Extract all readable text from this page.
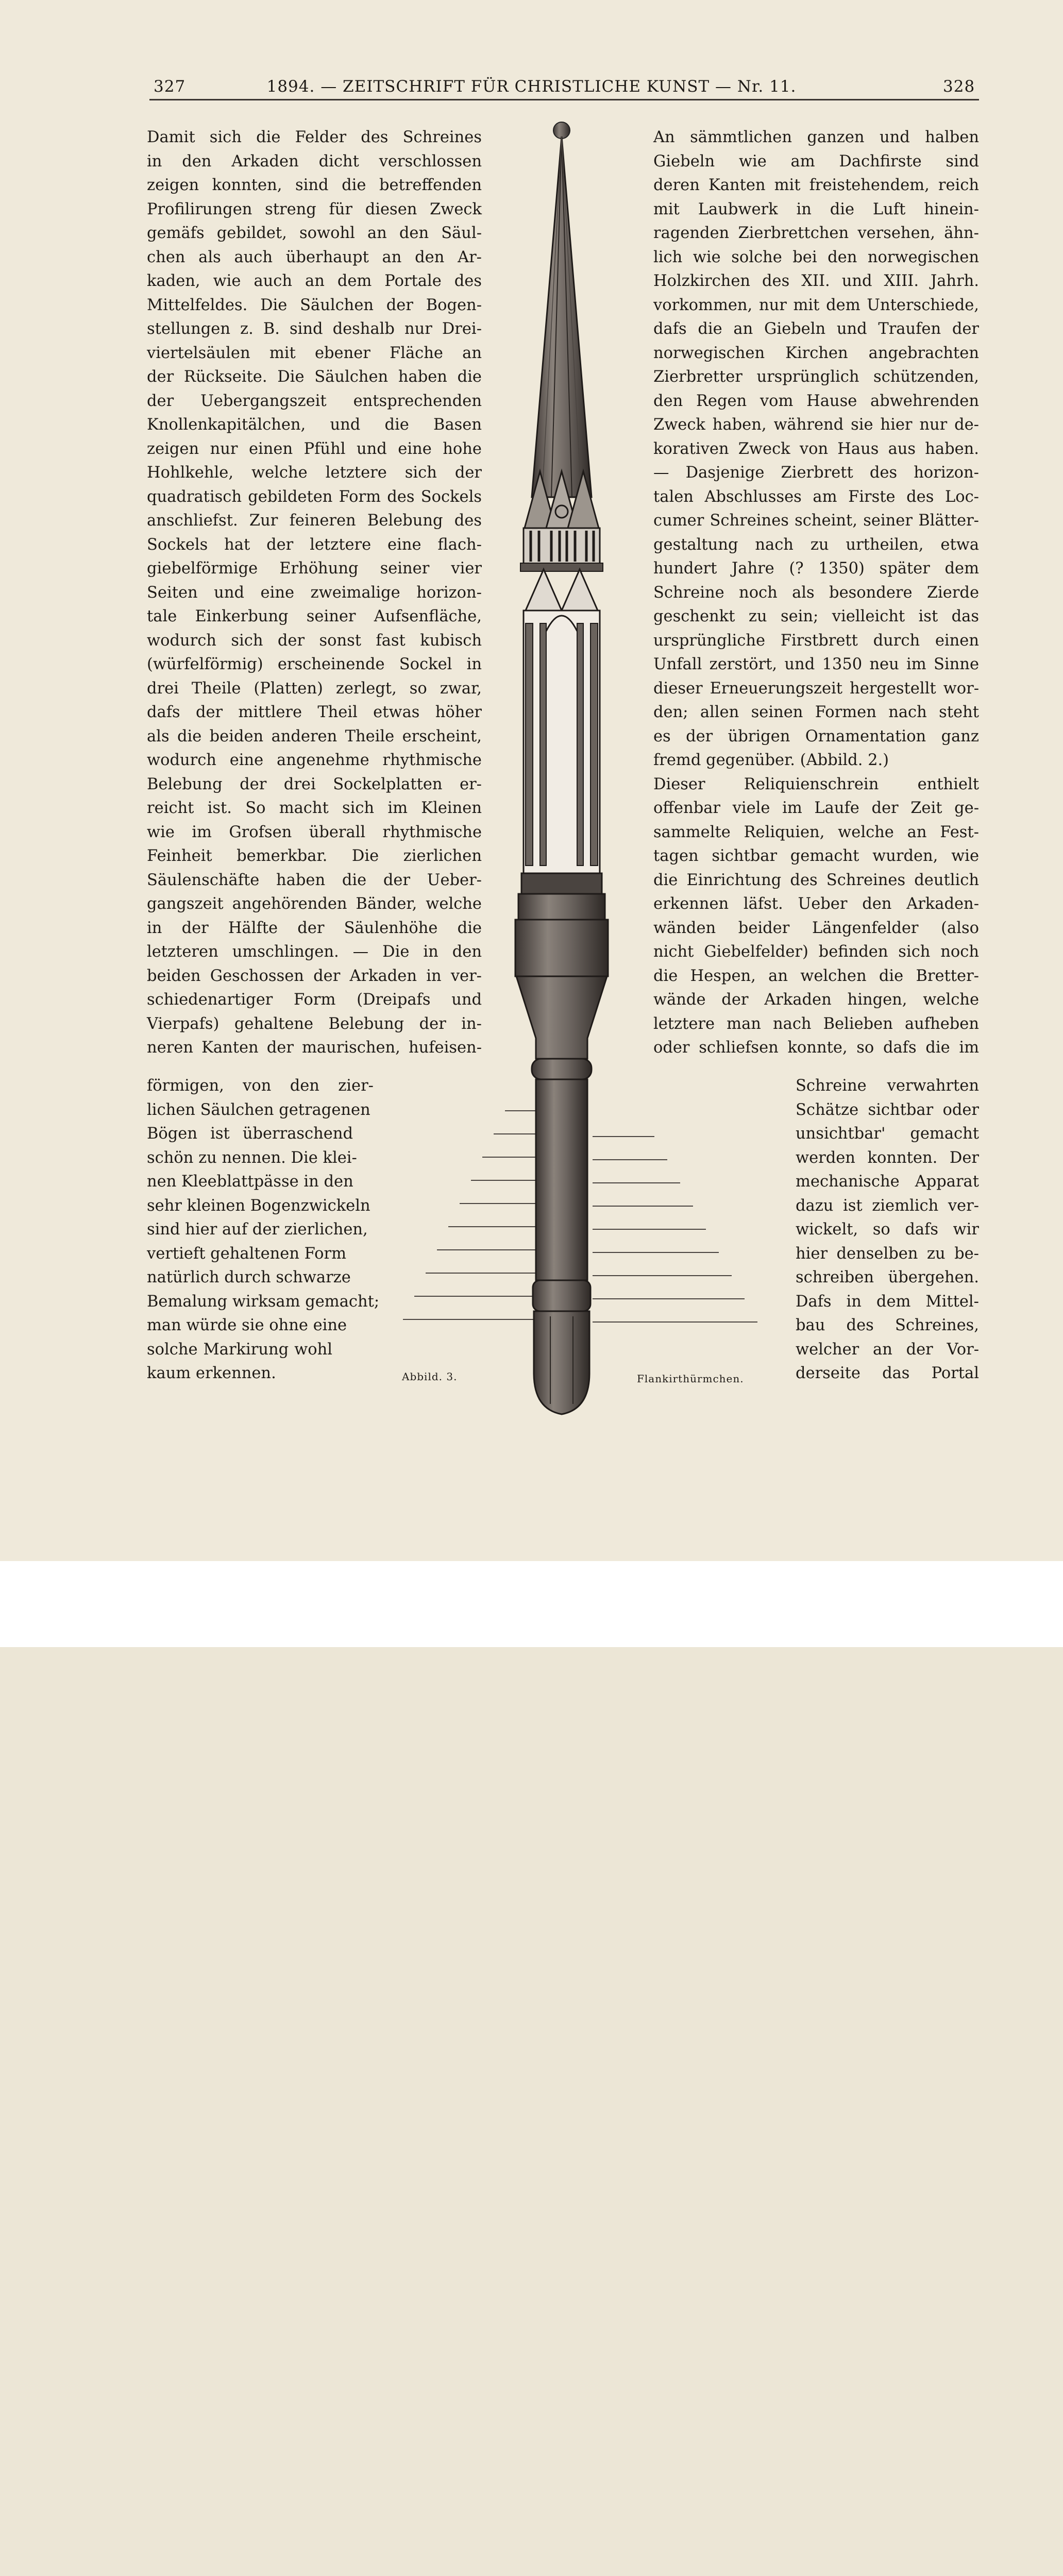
327	1894. — ZEITSCHRIFT FÜR CHRISTLICHE KUNST — Nr. 11.	328
Damit sich die Felder des Schreines
in den Arkaden dicht verschlossen
zeigen konnten, sind die betreffenden
Profilirungen streng für diesen Zweck
gemäfs gebildet, sowohl an den Säul-
chen als auch überhaupt an den Ar-
kaden, wie auch an dem Portale des
Mittelfeldes. Die Säulchen der Bogen-
stellungen z. B. sind deshalb nur Drei-
viertelsäulen mit ebener Fläche an
der Rückseite. Die Säulchen haben die
der Uebergangszeit entsprechenden
Knollenkapitälchen, und die Basen
zeigen nur einen Pfühl und eine hohe
Hohlkehle, welche letztere sich der
quadratisch gebildeten Form des Sockels
anschliefst. Zur feineren Belebung des
Sockels hat der letztere eine flach-
giebelförmige Erhöhung seiner vier
Seiten und eine zweimalige horizon-
tale Einkerbung seiner Aufsenfläche,
wodurch sich der sonst fast kubisch
(würfelförmig) erscheinende Sockel in
drei Theile (Platten) zerlegt, so zwar,
dafs der mittlere Theil etwas höher
als die beiden anderen Theile erscheint,
wodurch eine angenehme rhythmische
Belebung der drei Sockelplatten er-
reicht ist. So macht sich im Kleinen
wie im Grofsen überall rhythmische
Feinheit bemerkbar. Die zierlichen
Säulenschäfte haben die der Ueber-
gangszeit angehörenden Bänder, welche
in der Hälfte der Säulenhöhe die
letzteren umschlingen. — Die in den
beiden Geschossen der Arkaden in ver-
schiedenartiger Form (Dreipafs und
Vierpafs) gehaltene Belebung der in-
neren Kanten der maurischen, hufeisen-
förmigen, von den zier-
lichen Säulchen getragenen
Bögen ist überraschend
schön zu nennen. Die klei-
nen Kleeblattpässe in den
sehr kleinen Bogenzwickeln
sind hier auf der zierlichen,
vertieft gehaltenen Form
natürlich durch schwarze
Bemalung wirksam gemacht;
man würde sie ohne eine
solche Markirung wohl
kaum erkennen.
An sämmtlichen ganzen und halben
Giebeln wie am Dachfirste sind
deren Kanten mit freistehendem, reich
mit Laubwerk in die Luft hinein-
ragenden Zierbrettchen versehen, ähn-
lich wie solche bei den norwegischen
Holzkirchen des XII. und XIII. Jahrh.
vorkommen, nur mit dem Unterschiede,
dafs die an Giebeln und Traufen der
norwegischen Kirchen angebrachten
Zierbretter ursprünglich schützenden,
den Regen vom Hause abwehrenden
Zweck haben, während sie hier nur de-
korativen Zweck von Haus aus haben.
— Dasjenige Zierbrett des horizon-
talen Abschlusses am Firste des Loc-
cumer Schreines scheint, seiner Blätter-
gestaltung nach zu urtheilen, etwa
hundert Jahre (? 1350) später dem
Schreine noch als besondere Zierde
geschenkt zu sein; vielleicht ist das
ursprüngliche Firstbrett durch einen
Unfall zerstört, und 1350 neu im Sinne
dieser Erneuerungszeit hergestellt wor-
den; allen seinen Formen nach steht
es der übrigen Ornamentation ganz
fremd gegenüber. (Abbild. 2.)
Dieser Reliquienschrein enthielt
offenbar viele im Laufe der Zeit ge-
sammelte Reliquien, welche an Fest-
tagen sichtbar gemacht wurden, wie
die Einrichtung des Schreines deutlich
erkennen läfst. Ueber den Arkaden-
wänden beider Längenfelder (also
nicht Giebelfelder) befinden sich noch
die Hespen, an welchen die Bretter-
wände der Arkaden hingen, welche
letztere man nach Belieben aufheben
oder schliefsen konnte, so dafs die im
Schreine verwahrten
Schätze sichtbar oder
unsichtbar' gemacht
werden konnten. Der
mechanische Apparat
dazu ist ziemlich ver-
wickelt, so dafs wir
hier denselben zu be-
schreiben übergehen.
Dafs in dem Mittel-
bau des Schreines,
welcher an der Vor-
derseite das Portal
Abbild. 3.	Flankirthürmchen.
